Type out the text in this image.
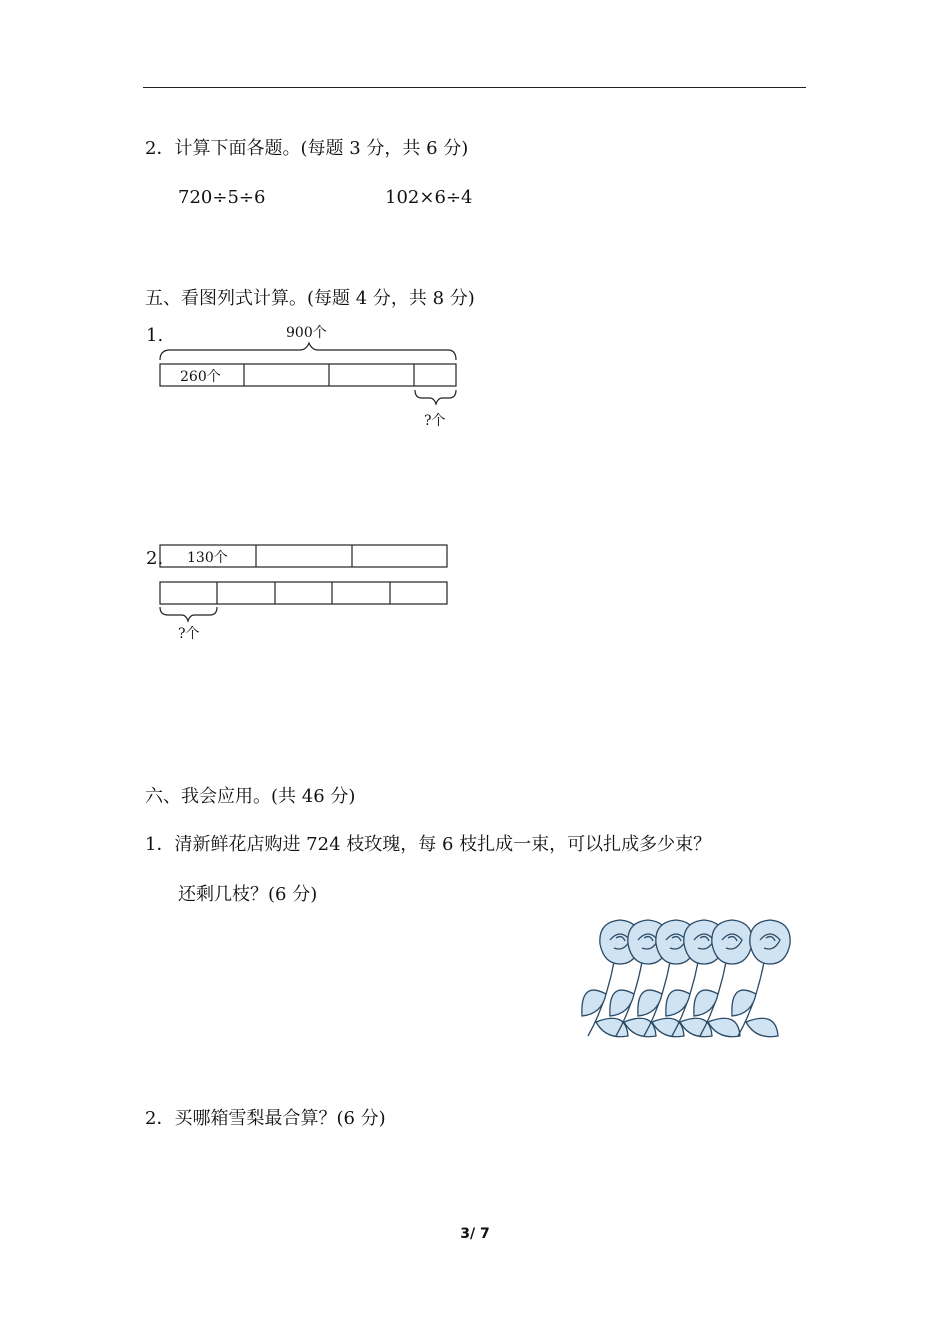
2．计算下面各题。(每题 3 分，共 6 分)
720÷5÷6	102×6÷4
五、看图列式计算。(每题 4 分，共 8 分)
1.	900个
260个
?个
2. 130个
?个
六、我会应用。(共 46 分)
1．清新鲜花店购进 724 枝玫瑰，每 6 枝扎成一束，可以扎成多少束？
还剩几枝？(6 分)
2．买哪箱雪梨最合算？(6 分)
3/ 7
